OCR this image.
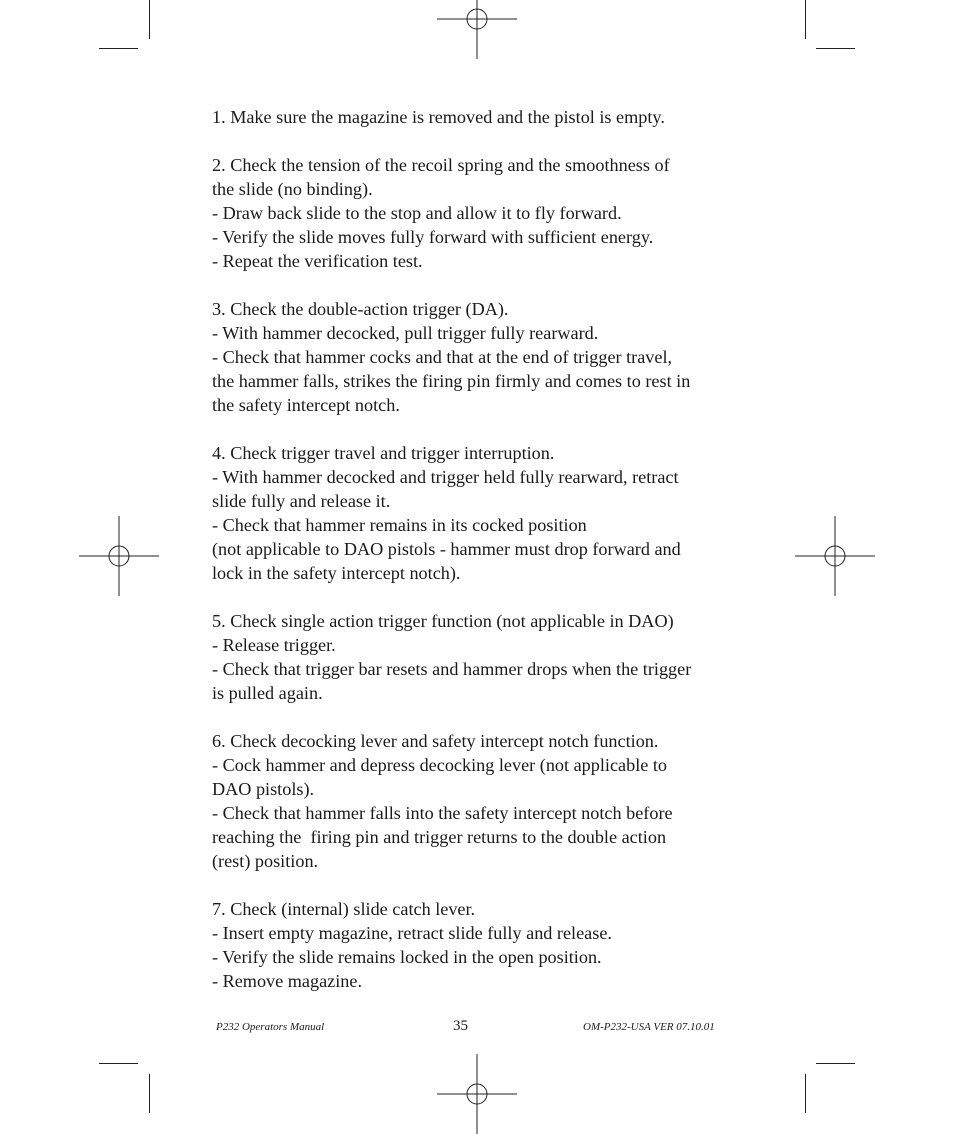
1. Make sure the magazine is removed and the pistol is empty.
2. Check the tension of the recoil spring and the smoothness of
the slide (no binding).
- Draw back slide to the stop and allow it to fly forward.
- Verify the slide moves fully forward with sufficient energy.
- Repeat the verification test.
3. Check the double-action trigger (DA).
- With hammer decocked, pull trigger fully rearward.
- Check that hammer cocks and that at the end of trigger travel,
the hammer falls, strikes the firing pin firmly and comes to rest in
the safety intercept notch.
4. Check trigger travel and trigger interruption.
- With hammer decocked and trigger held fully rearward, retract
slide fully and release it.
- Check that hammer remains in its cocked position
(not applicable to DAO pistols - hammer must drop forward and
lock in the safety intercept notch).
5. Check single action trigger function (not applicable in DAO)
- Release trigger.
- Check that trigger bar resets and hammer drops when the trigger
is pulled again.
6. Check decocking lever and safety intercept notch function.
- Cock hammer and depress decocking lever (not applicable to
DAO pistols).
- Check that hammer falls into the safety intercept notch before
reaching the  firing pin and trigger returns to the double action
(rest) position.
7. Check (internal) slide catch lever.
- Insert empty magazine, retract slide fully and release.
- Verify the slide remains locked in the open position.
- Remove magazine.
P232 Operators Manual	35	OM-P232-USA VER 07.10.01
